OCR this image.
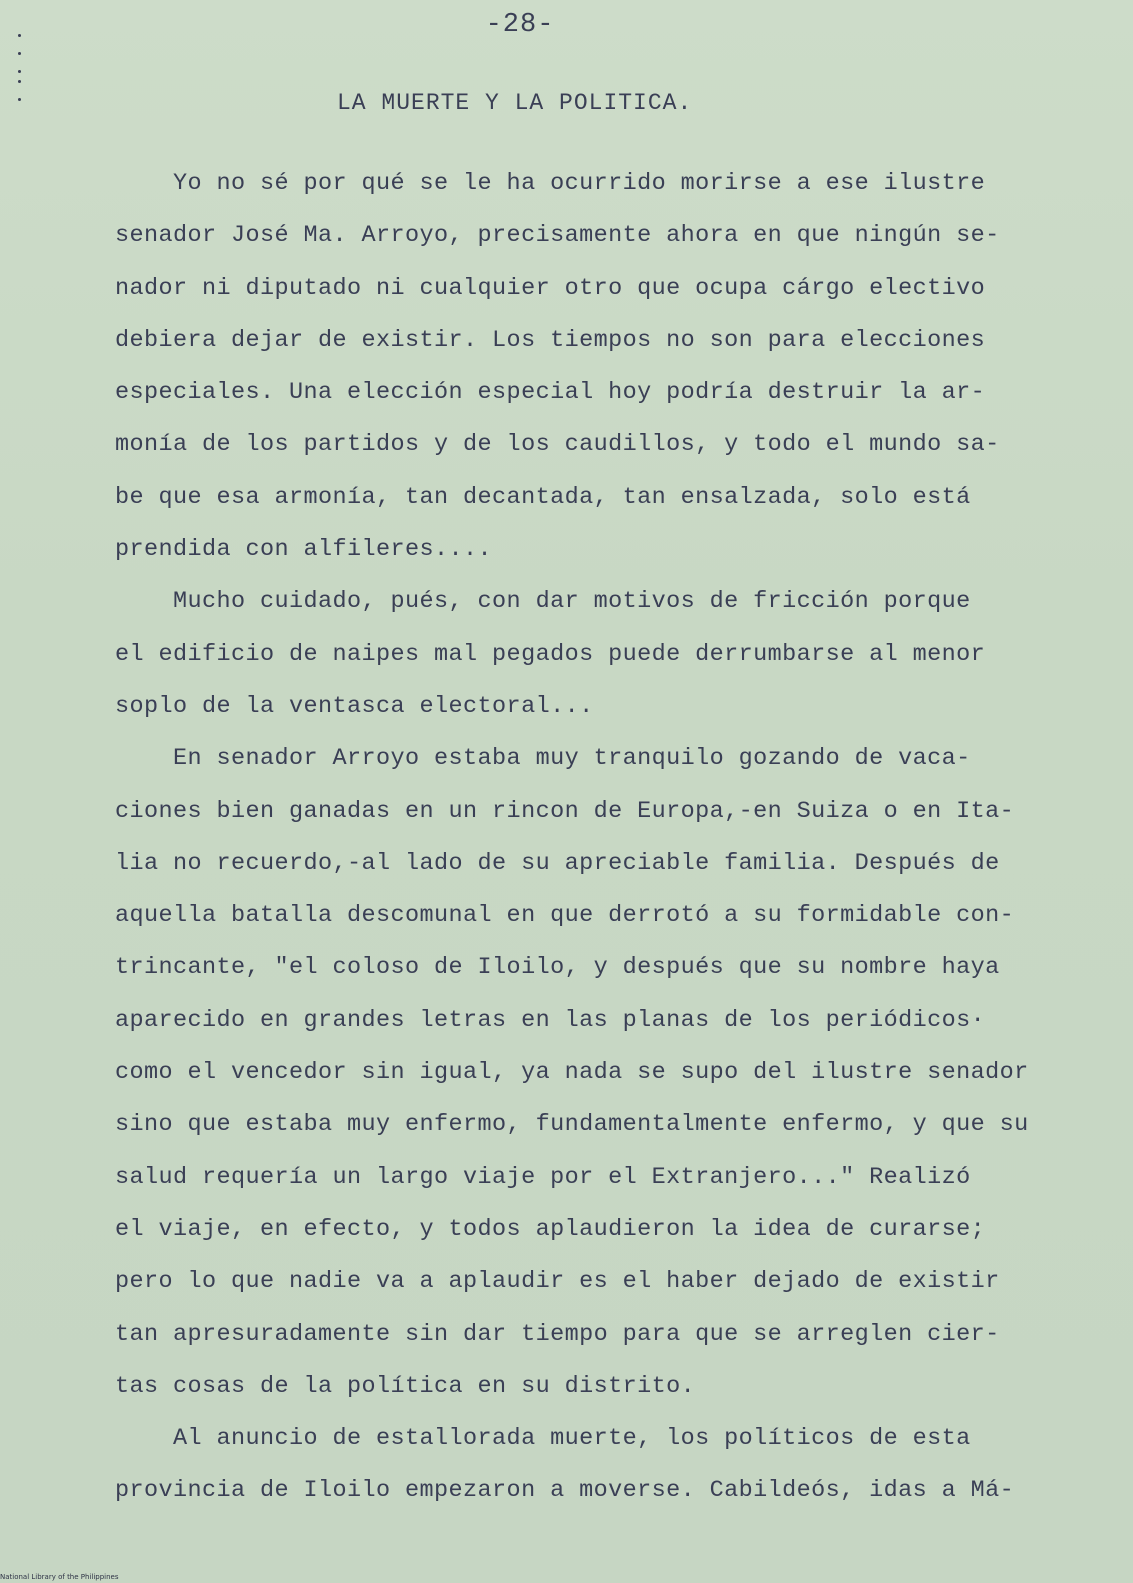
-28-
LA MUERTE Y LA POLITICA.
Yo no sé por qué se le ha ocurrido morirse a ese ilustre
senador José Ma. Arroyo, precisamente ahora en que ningún se-
nador ni diputado ni cualquier otro que ocupa cárgo electivo
debiera dejar de existir. Los tiempos no son para elecciones
especiales. Una elección especial hoy podría destruir la ar-
monía de los partidos y de los caudillos, y todo el mundo sa-
be que esa armonía, tan decantada, tan ensalzada, solo está
prendida con alfileres....
Mucho cuidado, pués, con dar motivos de fricción porque
el edificio de naipes mal pegados puede derrumbarse al menor
soplo de la ventasca electoral...
En senador Arroyo estaba muy tranquilo gozando de vaca-
ciones bien ganadas en un rincon de Europa,-en Suiza o en Ita-
lia no recuerdo,-al lado de su apreciable familia. Después de
aquella batalla descomunal en que derrotó a su formidable con-
trincante, "el coloso de Iloilo, y después que su nombre haya
aparecido en grandes letras en las planas de los periódicos·
como el vencedor sin igual, ya nada se supo del ilustre senador
sino que estaba muy enfermo, fundamentalmente enfermo, y que su
salud requería un largo viaje por el Extranjero..." Realizó
el viaje, en efecto, y todos aplaudieron la idea de curarse;
pero lo que nadie va a aplaudir es el haber dejado de existir
tan apresuradamente sin dar tiempo para que se arreglen cier-
tas cosas de la política en su distrito.
Al anuncio de estallorada muerte, los políticos de esta
provincia de Iloilo empezaron a moverse. Cabildeós, idas a Má-
National Library of the Philippines
